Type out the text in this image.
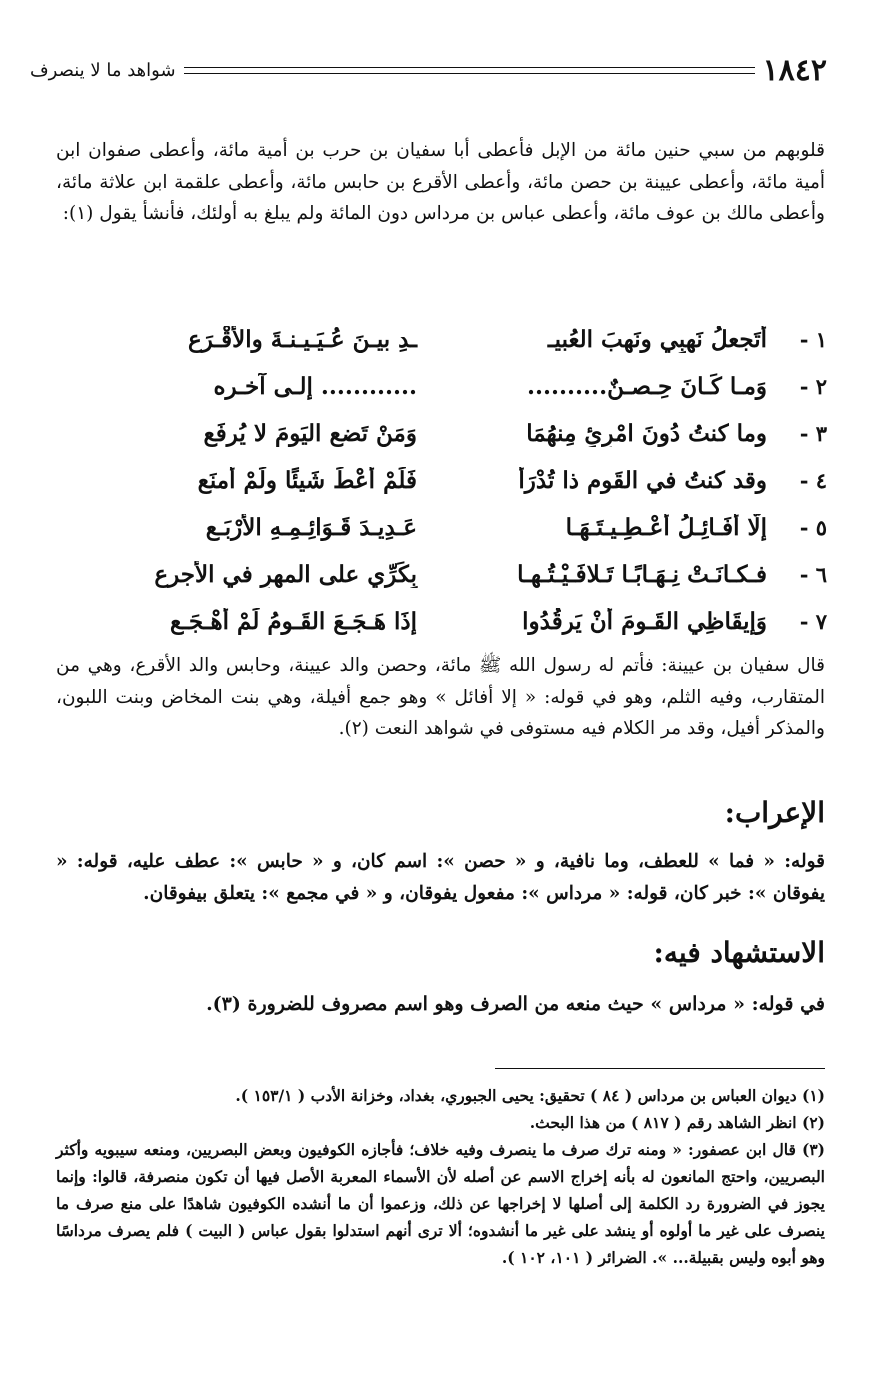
١٨٤٢
شواهد ما لا ينصرف

قلوبهم من سبي حنين مائة من الإبل فأعطى أبا سفيان بن حرب بن أمية مائة، وأعطى صفوان ابن أمية مائة، وأعطى عيينة بن حصن مائة، وأعطى الأقرع بن حابس مائة، وأعطى علقمة ابن علاثة مائة، وأعطى مالك بن عوف مائة، وأعطى عباس بن مرداس دون المائة ولم يبلغ به أولئك، فأنشأ يقول (١):

١ -
أَتَجعلُ نَهبِي ونَهبَ العُبيـ
ـدِ بيـنَ عُـيَـيـنـةَ والأقْـرَعِ
٢ -
وَمـا كَـانَ حِـصـنٌ..........
............ إلـى آخـره
٣ -
وما كنتُ دُونَ امْرِئٍ مِنهُمَا
وَمَنْ تَضعِ اليَومَ لا يُرفَعِ
٤ -
وقد كنتُ في القَومِ ذا تُدْرَأ
فَلَمْ أُعْطَ شَيئًا ولَمْ أُمنَعِ
٥ -
إلَّا أَفَـائِـلُ أُعْـطِـيـتَـهَـا
عَـدِيـدَ قَـوَائِـمِـهِ الأَرْبَـعِ
٦ -
فـكـانَـتْ نِـهَـابًـا تَـلافَـيْـتُـهـا
بِكَرِّي على المهرِ في الأجرعِ
٧ -
وَإيقَاظِي القَـومَ أنْ يَرقُدُوا
إذَا هَـجَـعَ القَـومُ لَمْ أَهْـجَـعِ

قال سفيان بن عيينة: فأتم له رسول الله ﷺ مائة، وحصن والد عيينة، وحابس والد الأقرع، وهي من المتقارب، وفيه الثلم، وهو في قوله: « إلا أفائل » وهو جمع أفيلة، وهي بنت المخاض وبنت اللبون، والمذكر أفيل، وقد مر الكلام فيه مستوفى في شواهد النعت (٢).

الإعراب:

قوله: « فما » للعطف، وما نافية، و « حصن »: اسم كان، و « حابس »: عطف عليه، قوله: « يفوقان »: خبر كان، قوله: « مرداس »: مفعول يفوقان، و « في مجمع »: يتعلق بيفوقان.

الاستشهاد فيه:
في قوله: « مرداس » حيث منعه من الصرف وهو اسم مصروف للضرورة (٣).

(١) ديوان العباس بن مرداس ( ٨٤ ) تحقيق: يحيى الجبوري، بغداد، وخزانة الأدب ( ١٥٣/١ ).

(٢) انظر الشاهد رقم ( ٨١٧ ) من هذا البحث.

(٣) قال ابن عصفور: « ومنه ترك صرف ما ينصرف وفيه خلاف؛ فأجازه الكوفيون وبعض البصريين، ومنعه سيبويه وأكثر البصريين، واحتج المانعون له بأنه إخراج الاسم عن أصله لأن الأسماء المعربة الأصل فيها أن تكون منصرفة، قالوا: وإنما يجوز في الضرورة رد الكلمة إلى أصلها لا إخراجها عن ذلك، وزعموا أن ما أنشده الكوفيون شاهدًا على منع صرف ما ينصرف على غير ما أولوه أو ينشد على غير ما أنشدوه؛ ألا ترى أنهم استدلوا بقول عباس ( البيت ) فلم يصرف مرداسًا وهو أبوه وليس بقبيلة... ». الضرائر ( ١٠١، ١٠٢ ).
